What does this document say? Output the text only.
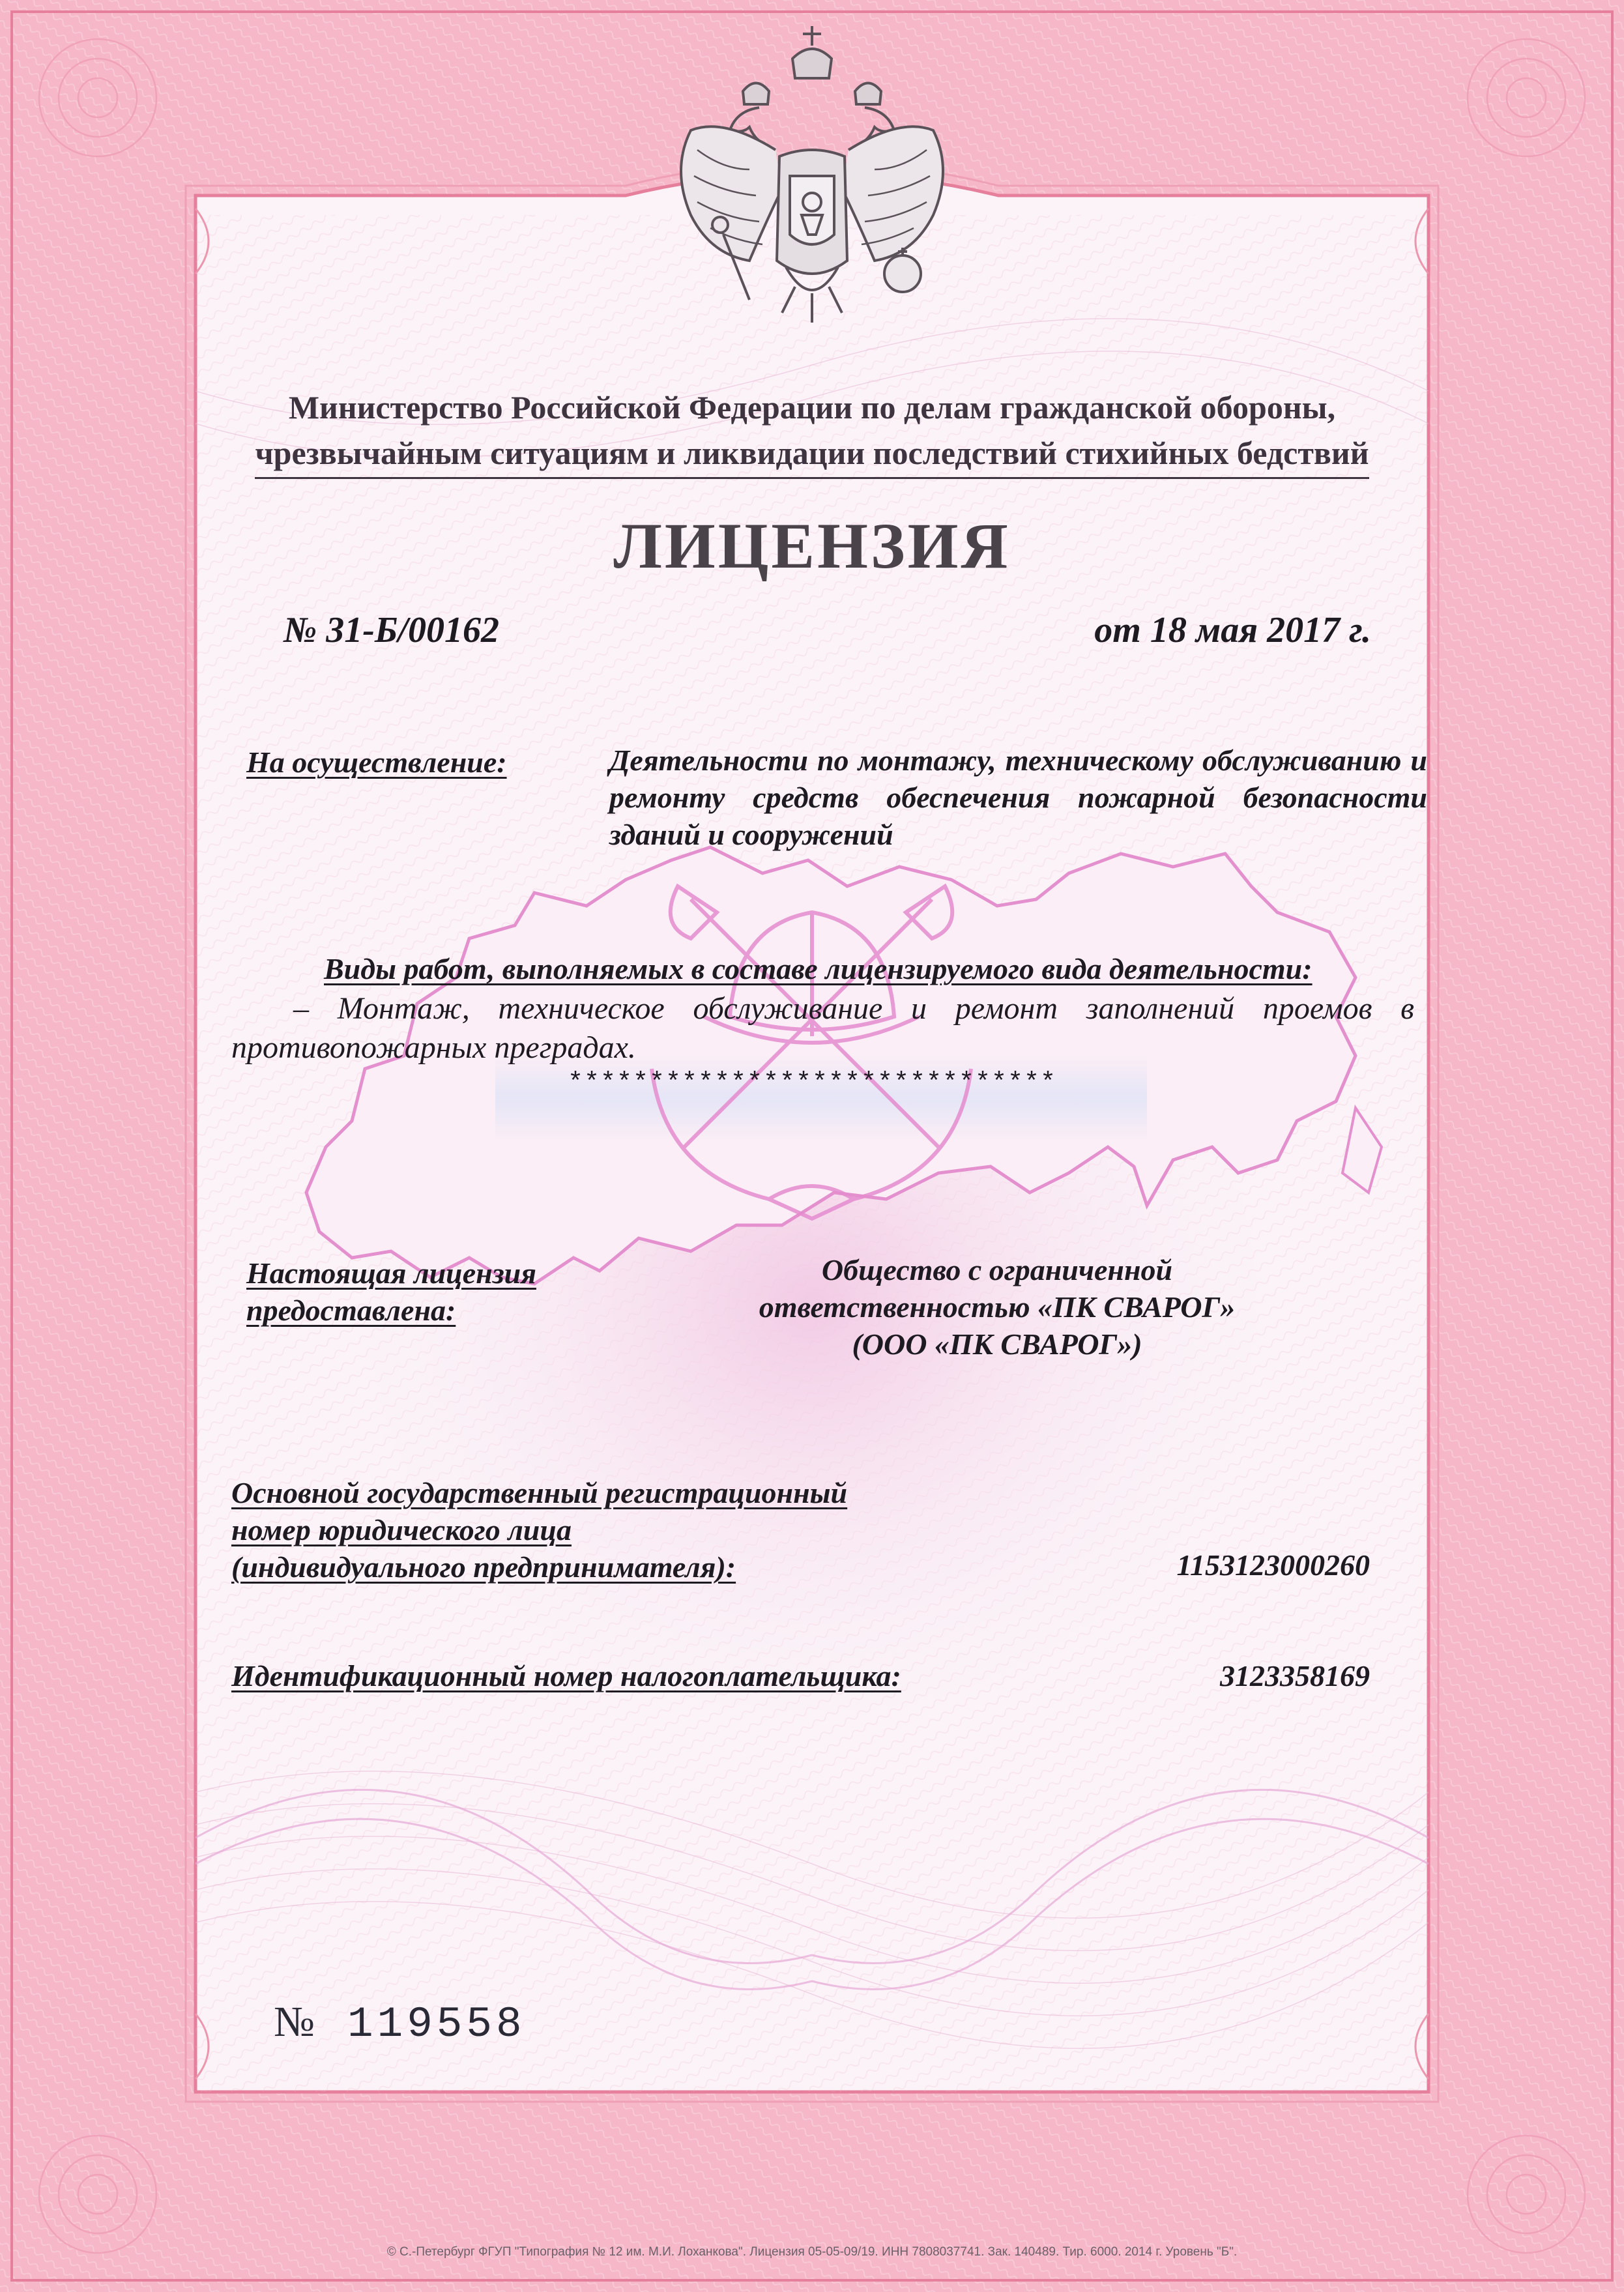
Министерство Российской Федерации по делам гражданской обороны,
чрезвычайным ситуациям и ликвидации последствий стихийных бедствий
ЛИЦЕНЗИЯ
№ 31-Б/00162	от 18 мая 2017 г.
На осуществление:	Деятельности по монтажу, техническому обслуживанию и ремонту средств обеспечения пожарной безопасности зданий и сооружений
Виды работ, выполняемых в составе лицензируемого вида деятельности:
– Монтаж, техническое обслуживание и ремонт заполнений проемов в противопожарных преградах.
******************************
Настоящая лицензия
предоставлена:
Общество с ограниченной
ответственностью «ПК СВАРОГ»
(ООО «ПК СВАРОГ»)
Основной государственный регистрационный
номер юридического лица
(индивидуального предпринимателя):	1153123000260
Идентификационный номер налогоплательщика:	3123358169
№ 119558
© С.-Петербург ФГУП "Типография № 12 им. М.И. Лоханкова". Лицензия 05-05-09/19. ИНН 7808037741. Зак. 140489. Тир. 6000. 2014 г. Уровень "Б".
